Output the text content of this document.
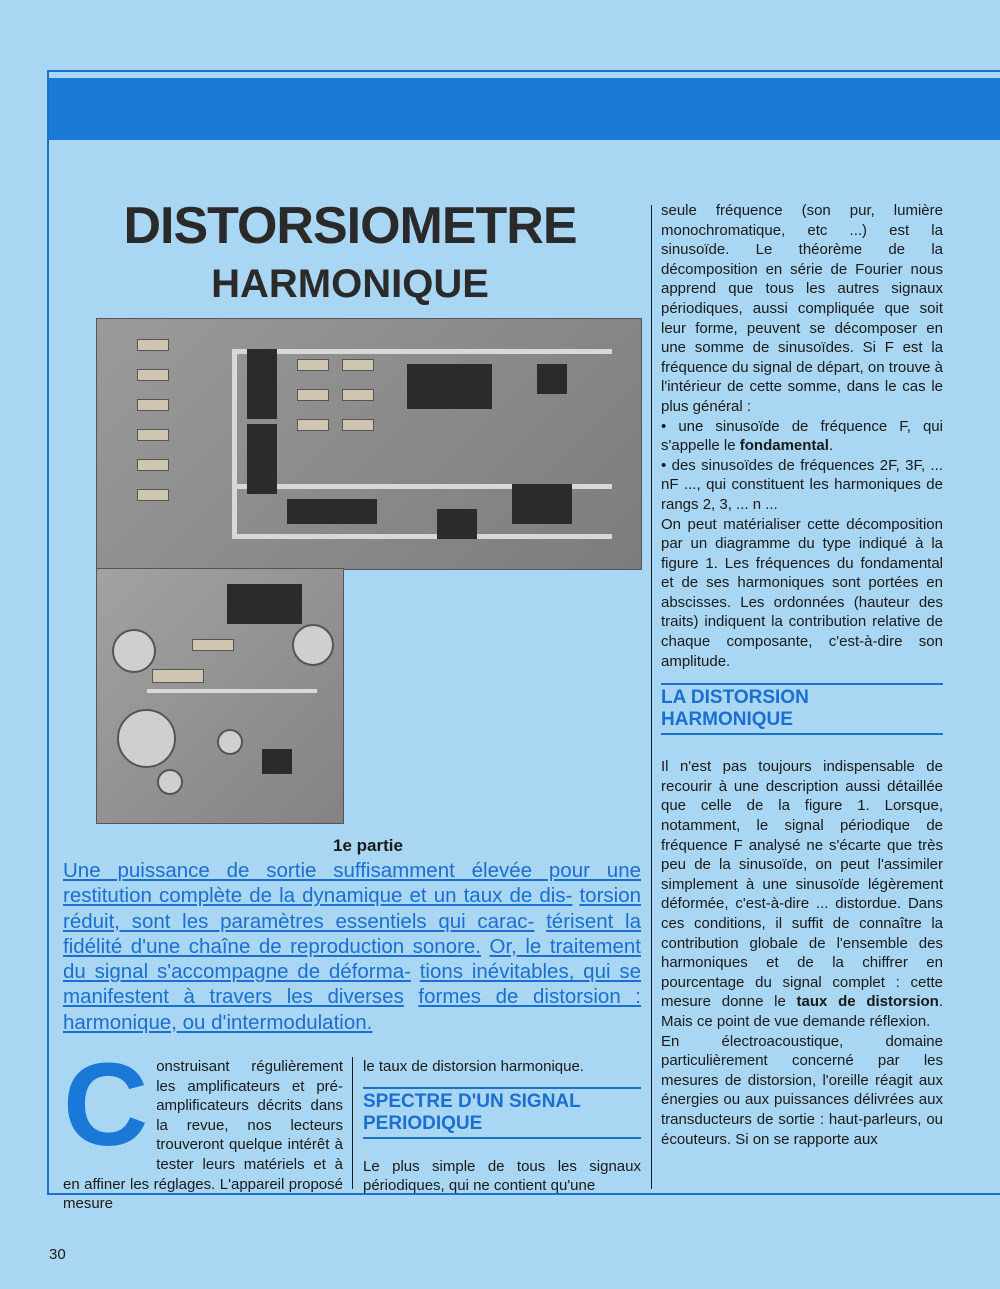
DISTORSIOMETRE
HARMONIQUE
1e partie
Une puissance de sortie suffisamment élevée pour une restitution complète de la dynamique et un taux de dis- torsion réduit, sont les paramètres essentiels qui carac- térisent la fidélité d'une chaîne de reproduction sonore. Or, le traitement du signal s'accompagne de déforma- tions inévitables, qui se manifestent à travers les diverses formes de distorsion : harmonique, ou d'intermodulation.
C onstruisant régulièrement les amplificateurs et pré-amplificateurs décrits dans la revue, nos lecteurs trouveront quelque intérêt à tester leurs matériels et à en affiner les réglages. L'appareil proposé mesure

le taux de distorsion harmonique.

SPECTRE D'UN SIGNAL
PERIODIQUE

Le plus simple de tous les signaux périodiques, qui ne contient qu'une

seule fréquence (son pur, lumière monochromatique, etc ...) est la sinusoïde. Le théorème de la décomposition en série de Fourier nous apprend que tous les autres signaux périodiques, aussi compliquée que soit leur forme, peuvent se décomposer en une somme de sinusoïdes. Si F est la fréquence du signal de départ, on trouve à l'intérieur de cette somme, dans le cas le plus général :

• une sinusoïde de fréquence F, qui s'appelle le fondamental.

• des sinusoïdes de fréquences 2F, 3F, ... nF ..., qui constituent les harmoniques de rangs 2, 3, ... n ...

On peut matérialiser cette décomposition par un diagramme du type indiqué à la figure 1. Les fréquences du fondamental et de ses harmoniques sont portées en abscisses. Les ordonnées (hauteur des traits) indiquent la contribution relative de chaque composante, c'est-à-dire son amplitude.

LA DISTORSION
HARMONIQUE

Il n'est pas toujours indispensable de recourir à une description aussi détaillée que celle de la figure 1. Lorsque, notamment, le signal périodique de fréquence F analysé ne s'écarte que très peu de la sinusoïde, on peut l'assimiler simplement à une sinusoïde légèrement déformée, c'est-à-dire ... distordue. Dans ces conditions, il suffit de connaître la contribution globale de l'ensemble des harmoniques et de la chiffrer en pourcentage du signal complet : cette mesure donne le taux de distorsion. Mais ce point de vue demande réflexion.

En électroacoustique, domaine particulièrement concerné par les mesures de distorsion, l'oreille réagit aux énergies ou aux puissances délivrées aux transducteurs de sortie : haut-parleurs, ou écouteurs. Si on se rapporte aux

30
